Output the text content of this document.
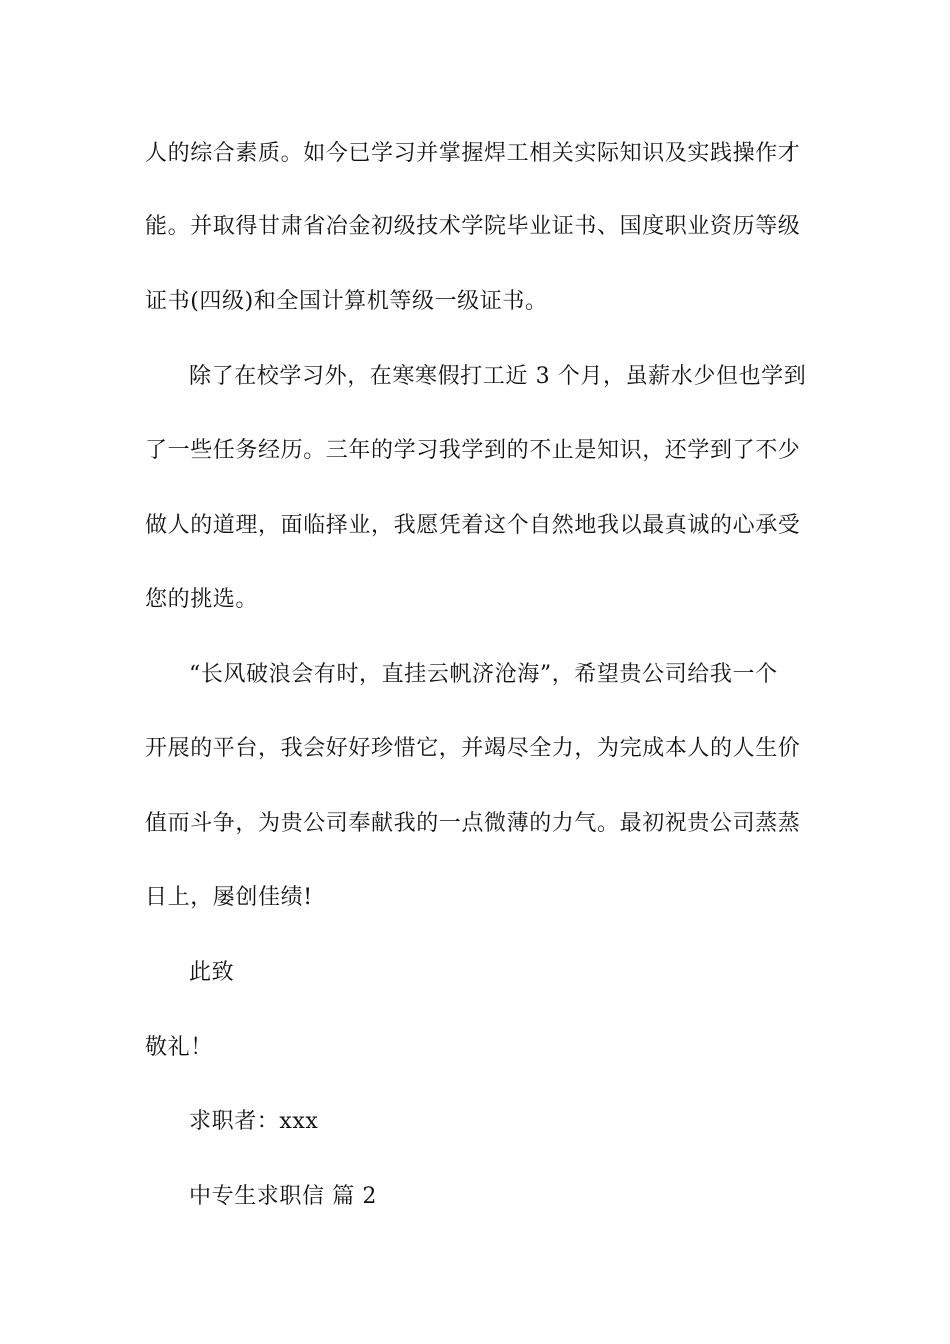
人的综合素质。如今已学习并掌握焊工相关实际知识及实践操作才
能。并取得甘肃省冶金初级技术学院毕业证书、国度职业资历等级
证书(四级)和全国计算机等级一级证书。
除了在校学习外，在寒寒假打工近 3 个月，虽薪水少但也学到
了一些任务经历。三年的学习我学到的不止是知识，还学到了不少
做人的道理，面临择业，我愿凭着这个自然地我以最真诚的心承受
您的挑选。
“长风破浪会有时，直挂云帆济沧海”，希望贵公司给我一个
开展的平台，我会好好珍惜它，并竭尽全力，为完成本人的人生价
值而斗争，为贵公司奉献我的一点微薄的力气。最初祝贵公司蒸蒸
日上，屡创佳绩!
此致
敬礼！
求职者：xxx
中专生求职信 篇 2
